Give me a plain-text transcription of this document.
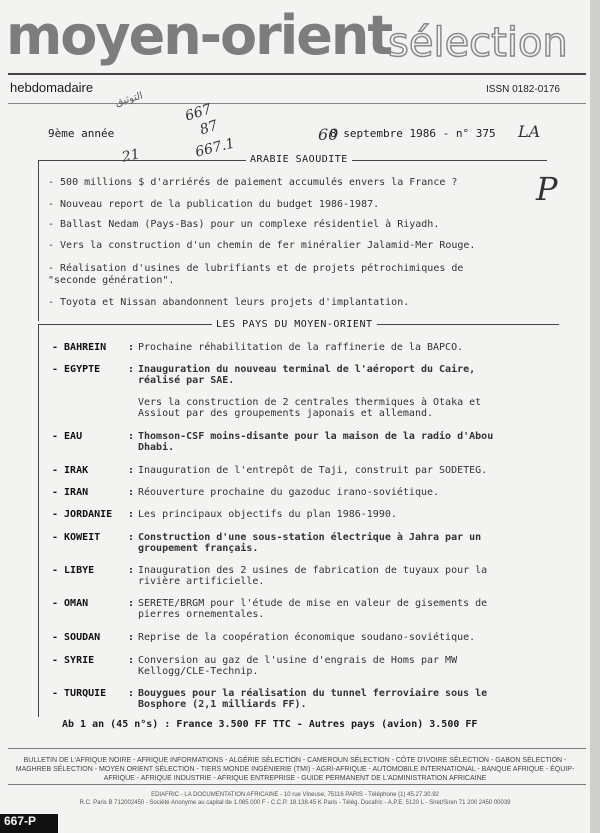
moyen-orient
sélection
hebdomadaire	ISSN 0182-0176
التوثيق
667
87
667.1
21
60
P
9ème année	8 septembre 1986 - n° 375 LA
ARABIE SAOUDITE
- 500 millions $ d'arriérés de paiement accumulés envers la France ?
- Nouveau report de la publication du budget 1986-1987.
- Ballast Nedam (Pays-Bas) pour un complexe résidentiel à Riyadh.
- Vers la construction d'un chemin de fer minéralier Jalamid-Mer Rouge.
- Réalisation d'usines de lubrifiants et de projets pétrochimiques de "seconde génération".
- Toyota et Nissan abandonnent leurs projets d'implantation.
LES PAYS DU MOYEN-ORIENT
- BAHREIN	: Prochaine réhabilitation de la raffinerie de la BAPCO.
- EGYPTE	: Inauguration du nouveau terminal de l'aéroport du Caire, réalisé par SAE.
Vers la construction de 2 centrales thermiques à Otaka et Assiout par des groupements japonais et allemand.
- EAU	: Thomson-CSF moins-disante pour la maison de la radio d'Abou Dhabi.
- IRAK	: Inauguration de l'entrepôt de Taji, construit par SODETEG.
- IRAN	: Réouverture prochaine du gazoduc irano-soviétique.
- JORDANIE	: Les principaux objectifs du plan 1986-1990.
- KOWEIT	: Construction d'une sous-station électrique à Jahra par un groupement français.
- LIBYE	: Inauguration des 2 usines de fabrication de tuyaux pour la rivière artificielle.
- OMAN	: SERETE/BRGM pour l'étude de mise en valeur de gisements de pierres ornementales.
- SOUDAN	: Reprise de la coopération économique soudano-soviétique.
- SYRIE	: Conversion au gaz de l'usine d'engrais de Homs par MW Kellogg/CLE-Technip.
- TURQUIE	: Bouygues pour la réalisation du tunnel ferroviaire sous le Bosphore (2,1 milliards FF).
Ab 1 an (45 n°s) : France 3.500 FF TTC - Autres pays (avion) 3.500 FF
BULLETIN DE L'AFRIQUE NOIRE - AFRIQUE INFORMATIONS - ALGÉRIE SÉLECTION - CAMEROUN SÉLECTION - CÔTE D'IVOIRE SÉLECTION - GABON SÉLECTION - MAGHREB SÉLECTION - MOYEN ORIENT SÉLECTION - TIERS MONDE INGÉNIERIE (TMI) - AGRI-AFRIQUE - AUTOMOBILE INTERNATIONAL - BANQUE AFRIQUE - ÉQUIP-AFRIQUE - AFRIQUE INDUSTRIE - AFRIQUE ENTREPRISE - GUIDE PERMANENT DE L'ADMINISTRATION AFRICAINE
EDIAFRIC - LA DOCUMENTATION AFRICAINE - 10 rue Vineuse, 75116 PARIS - Téléphone (1) 45.27.30.92
R.C. Paris B 712002450 - Société Anonyme au capital de 1.085.000 F - C.C.P. 18.138.45 K Paris - Télég. Docafric - A.P.E. 5120 L - Siret/Siren 71 200 2450 00039
667-P
